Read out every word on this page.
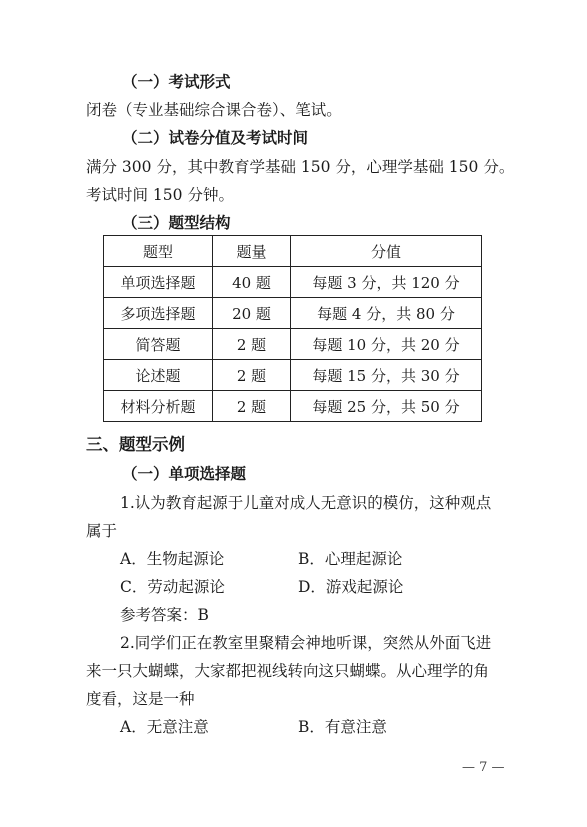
（一）考试形式
闭卷（专业基础综合课合卷）、笔试。
（二）试卷分值及考试时间
满分 300 分，其中教育学基础 150 分，心理学基础 150 分。
考试时间 150 分钟。
（三）题型结构
题型	题量	分值
单项选择题	40 题	每题 3 分，共 120 分
多项选择题	20 题	每题 4 分，共 80 分
简答题	2 题	每题 10 分，共 20 分
论述题	2 题	每题 15 分，共 30 分
材料分析题	2 题	每题 25 分，共 50 分
三、题型示例
（一）单项选择题
1.认为教育起源于儿童对成人无意识的模仿，这种观点
属于
A．生物起源论	B．心理起源论
C．劳动起源论	D．游戏起源论
参考答案：B
2.同学们正在教室里聚精会神地听课，突然从外面飞进
来一只大蝴蝶，大家都把视线转向这只蝴蝶。从心理学的角
度看，这是一种
A．无意注意	B．有意注意
— 7 —
